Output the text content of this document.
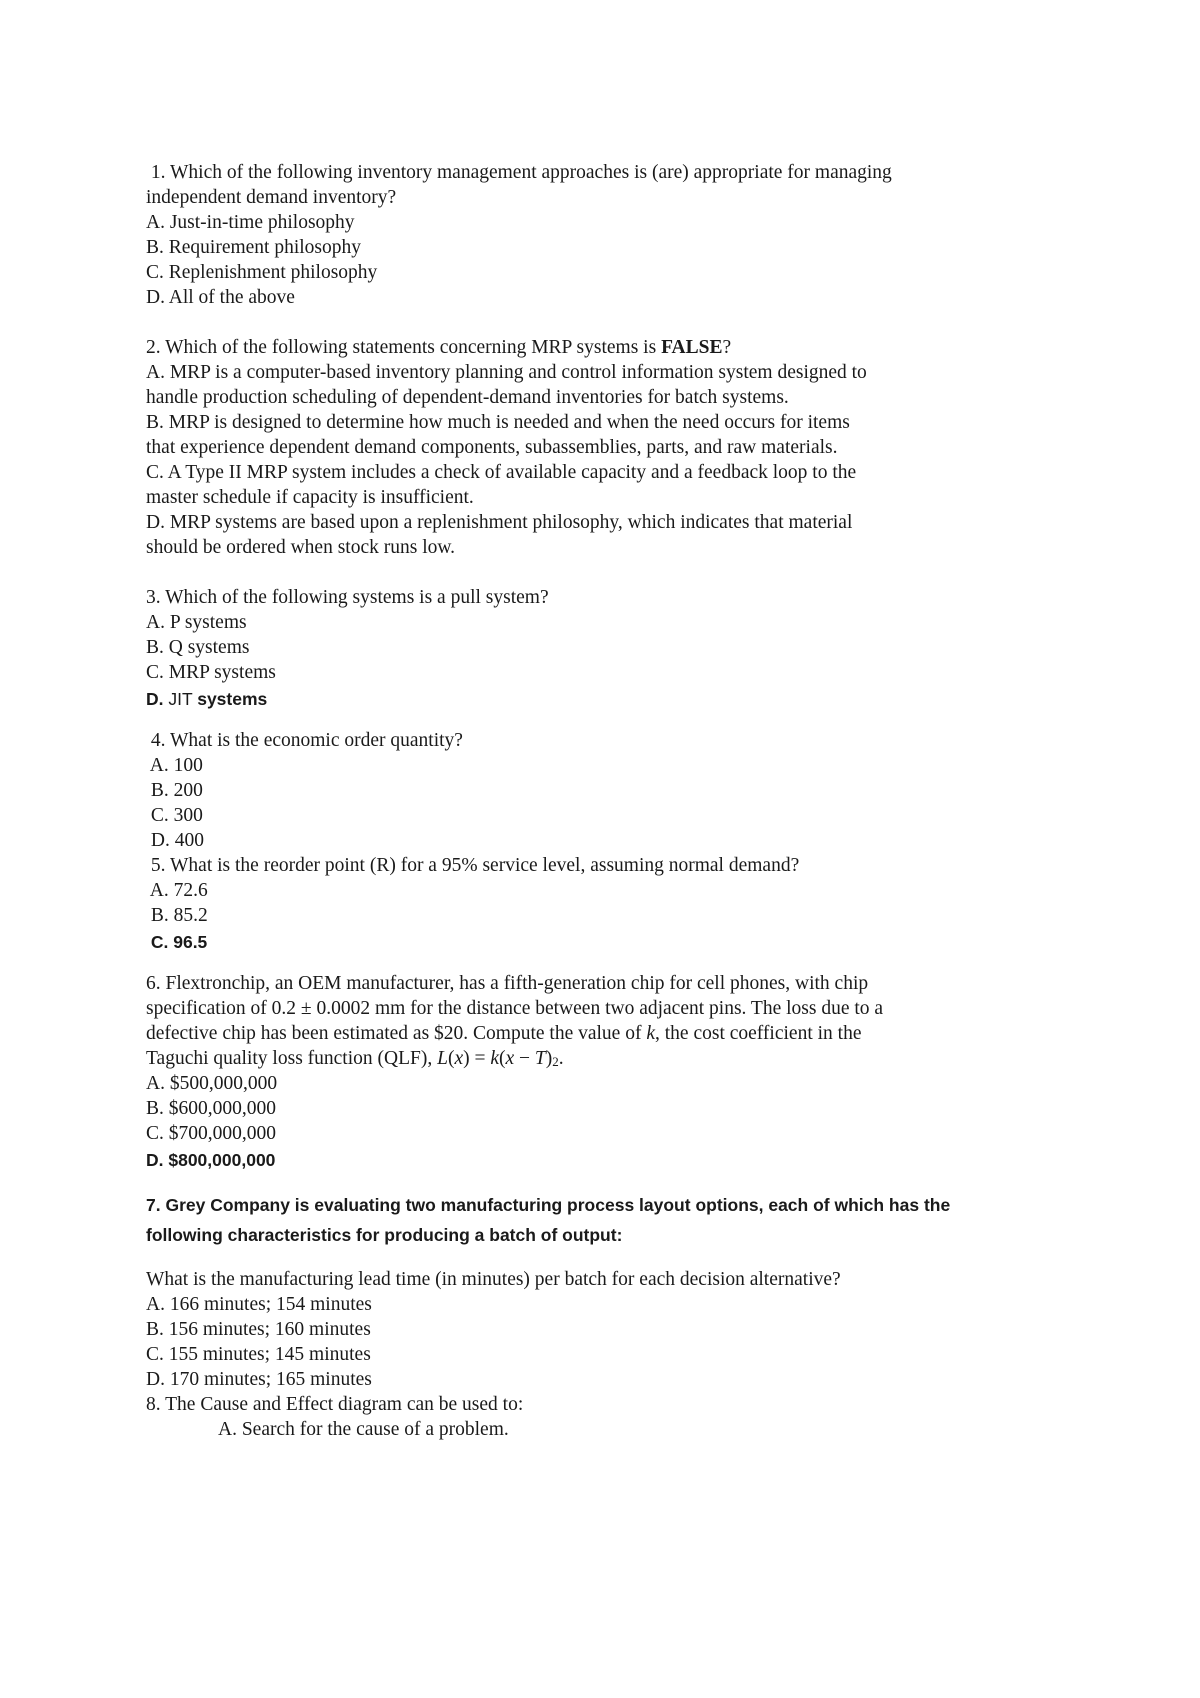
1. Which of the following inventory management approaches is (are) appropriate for managing
independent demand inventory?
A. Just-in-time philosophy
B. Requirement philosophy
C. Replenishment philosophy
D. All of the above
2. Which of the following statements concerning MRP systems is FALSE?
A. MRP is a computer-based inventory planning and control information system designed to
handle production scheduling of dependent-demand inventories for batch systems.
B. MRP is designed to determine how much is needed and when the need occurs for items
that experience dependent demand components, subassemblies, parts, and raw materials.
C. A Type II MRP system includes a check of available capacity and a feedback loop to the
master schedule if capacity is insufficient.
D. MRP systems are based upon a replenishment philosophy, which indicates that material
should be ordered when stock runs low.
3. Which of the following systems is a pull system?
A. P systems
B. Q systems
C. MRP systems
D. JIT systems
4. What is the economic order quantity?
A. 100
B. 200
C. 300
D. 400
5. What is the reorder point (R) for a 95% service level, assuming normal demand?
A. 72.6
B. 85.2
C. 96.5
6. Flextronchip, an OEM manufacturer, has a fifth-generation chip for cell phones, with chip
specification of 0.2 ± 0.0002 mm for the distance between two adjacent pins. The loss due to a
defective chip has been estimated as $20. Compute the value of k, the cost coefficient in the
Taguchi quality loss function (QLF), $L(x) = k(x - T)_2$.
A. $500,000,000
B. $600,000,000
C. $700,000,000
D. $800,000,000
7. Grey Company is evaluating two manufacturing process layout options, each of which has the
following characteristics for producing a batch of output:
What is the manufacturing lead time (in minutes) per batch for each decision alternative?
A. 166 minutes; 154 minutes
B. 156 minutes; 160 minutes
C. 155 minutes; 145 minutes
D. 170 minutes; 165 minutes
8. The Cause and Effect diagram can be used to:
A. Search for the cause of a problem.
